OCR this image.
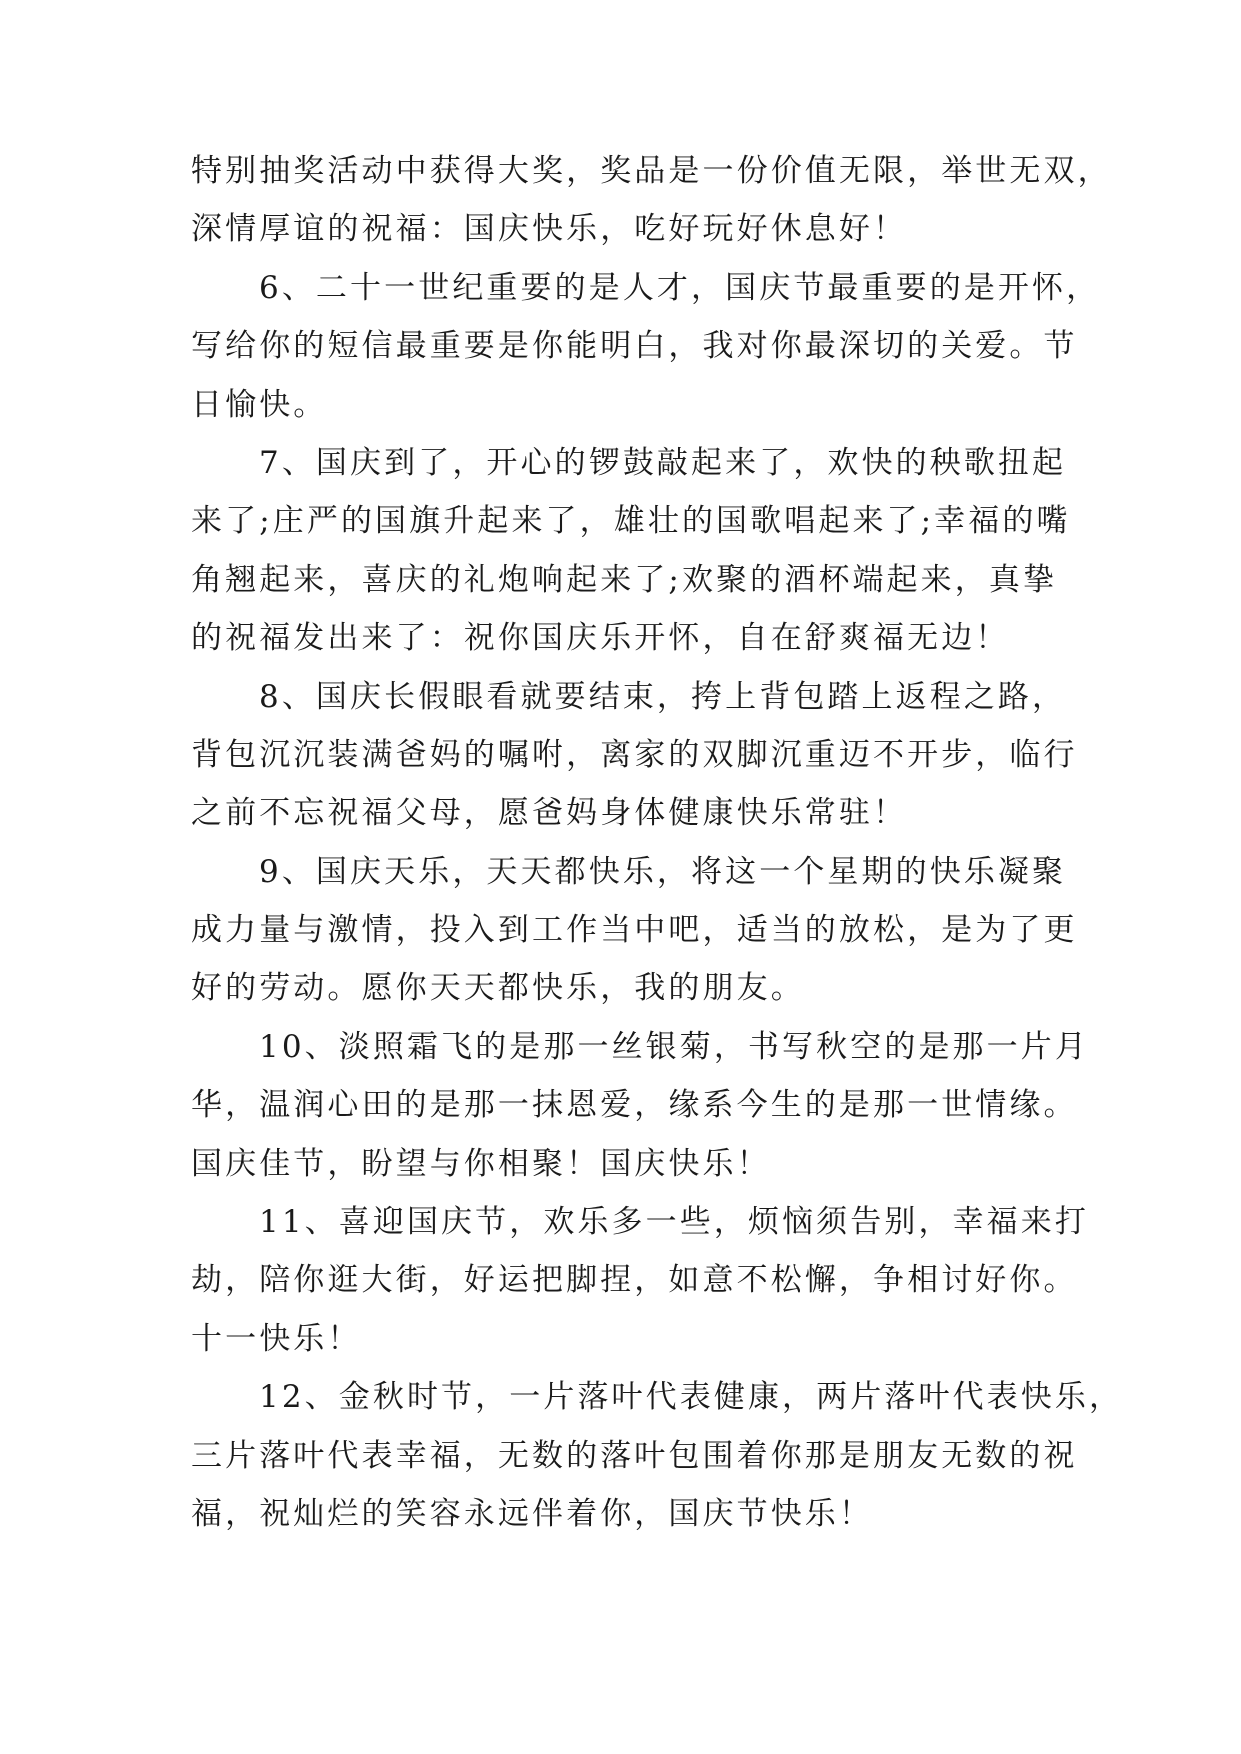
特别抽奖活动中获得大奖，奖品是一份价值无限，举世无双，
深情厚谊的祝福：国庆快乐，吃好玩好休息好！
6、二十一世纪重要的是人才，国庆节最重要的是开怀，
写给你的短信最重要是你能明白，我对你最深切的关爱。节
日愉快。
7、国庆到了，开心的锣鼓敲起来了，欢快的秧歌扭起
来了;庄严的国旗升起来了，雄壮的国歌唱起来了;幸福的嘴
角翘起来，喜庆的礼炮响起来了;欢聚的酒杯端起来，真挚
的祝福发出来了：祝你国庆乐开怀，自在舒爽福无边！
8、国庆长假眼看就要结束，挎上背包踏上返程之路，
背包沉沉装满爸妈的嘱咐，离家的双脚沉重迈不开步，临行
之前不忘祝福父母，愿爸妈身体健康快乐常驻！
9、国庆天乐，天天都快乐，将这一个星期的快乐凝聚
成力量与激情，投入到工作当中吧，适当的放松，是为了更
好的劳动。愿你天天都快乐，我的朋友。
10、淡照霜飞的是那一丝银菊，书写秋空的是那一片月
华，温润心田的是那一抹恩爱，缘系今生的是那一世情缘。
国庆佳节，盼望与你相聚！国庆快乐！
11、喜迎国庆节，欢乐多一些，烦恼须告别，幸福来打
劫，陪你逛大街，好运把脚捏，如意不松懈，争相讨好你。
十一快乐！
12、金秋时节，一片落叶代表健康，两片落叶代表快乐，
三片落叶代表幸福，无数的落叶包围着你那是朋友无数的祝
福，祝灿烂的笑容永远伴着你，国庆节快乐！
